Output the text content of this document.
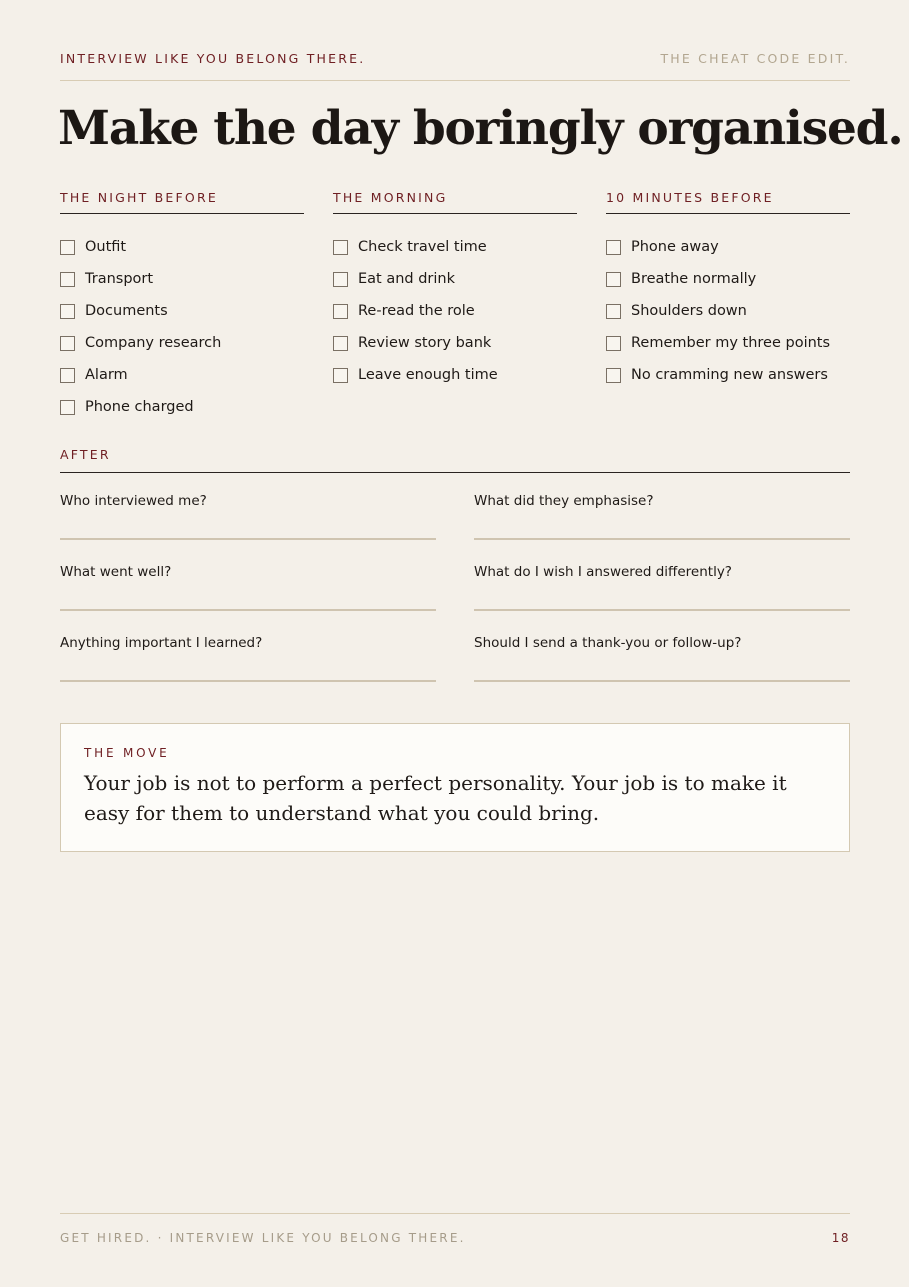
INTERVIEW LIKE YOU BELONG THERE.	THE CHEAT CODE EDIT.
Make the day boringly organised.
THE NIGHT BEFORE
Outfit
Transport
Documents
Company research
Alarm
Phone charged
THE MORNING
Check travel time
Eat and drink
Re-read the role
Review story bank
Leave enough time
10 MINUTES BEFORE
Phone away
Breathe normally
Shoulders down
Remember my three points
No cramming new answers
AFTER
Who interviewed me?	What did they emphasise?
What went well?	What do I wish I answered differently?
Anything important I learned?	Should I send a thank-you or follow-up?
THE MOVE

Your job is not to perform a perfect personality. Your job is to make it easy for them to understand what you could bring.

GET HIRED. · INTERVIEW LIKE YOU BELONG THERE.	18
